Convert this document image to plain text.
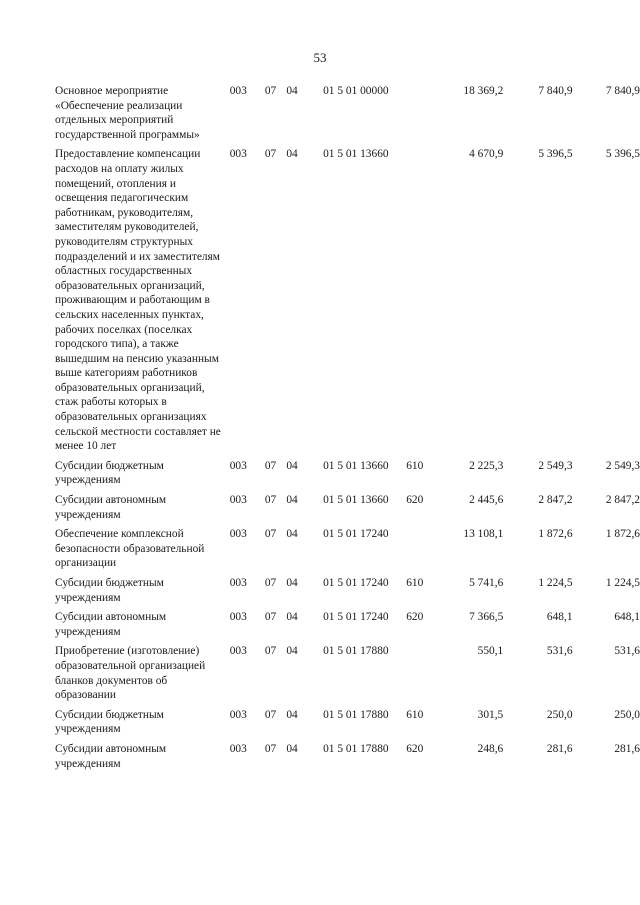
53
Основное мероприятие «Обеспечение реализации отдельных мероприятий государственной программы»	003	07	04	01 5 01 00000		18 369,2	7 840,9	7 840,9
Предоставление компенсации расходов на оплату жилых помещений, отопления и освещения педагогическим работникам, руководителям, заместителям руководителей, руководителям структурных подразделений и их заместителям областных государственных образовательных организаций, проживающим и работающим в сельских населенных пунктах, рабочих поселках (поселках городского типа), а также вышедшим на пенсию указанным выше категориям работников образовательных организаций, стаж работы которых в образовательных организациях сельской местности составляет не менее 10 лет	003	07	04	01 5 01 13660		4 670,9	5 396,5	5 396,5
Субсидии бюджетным учреждениям	003	07	04	01 5 01 13660	610	2 225,3	2 549,3	2 549,3
Субсидии автономным учреждениям	003	07	04	01 5 01 13660	620	2 445,6	2 847,2	2 847,2
Обеспечение комплексной безопасности образовательной организации	003	07	04	01 5 01 17240		13 108,1	1 872,6	1 872,6
Субсидии бюджетным учреждениям	003	07	04	01 5 01 17240	610	5 741,6	1 224,5	1 224,5
Субсидии автономным учреждениям	003	07	04	01 5 01 17240	620	7 366,5	648,1	648,1
Приобретение (изготовление) образовательной организацией бланков документов об образовании	003	07	04	01 5 01 17880		550,1	531,6	531,6
Субсидии бюджетным учреждениям	003	07	04	01 5 01 17880	610	301,5	250,0	250,0
Субсидии автономным учреждениям	003	07	04	01 5 01 17880	620	248,6	281,6	281,6
